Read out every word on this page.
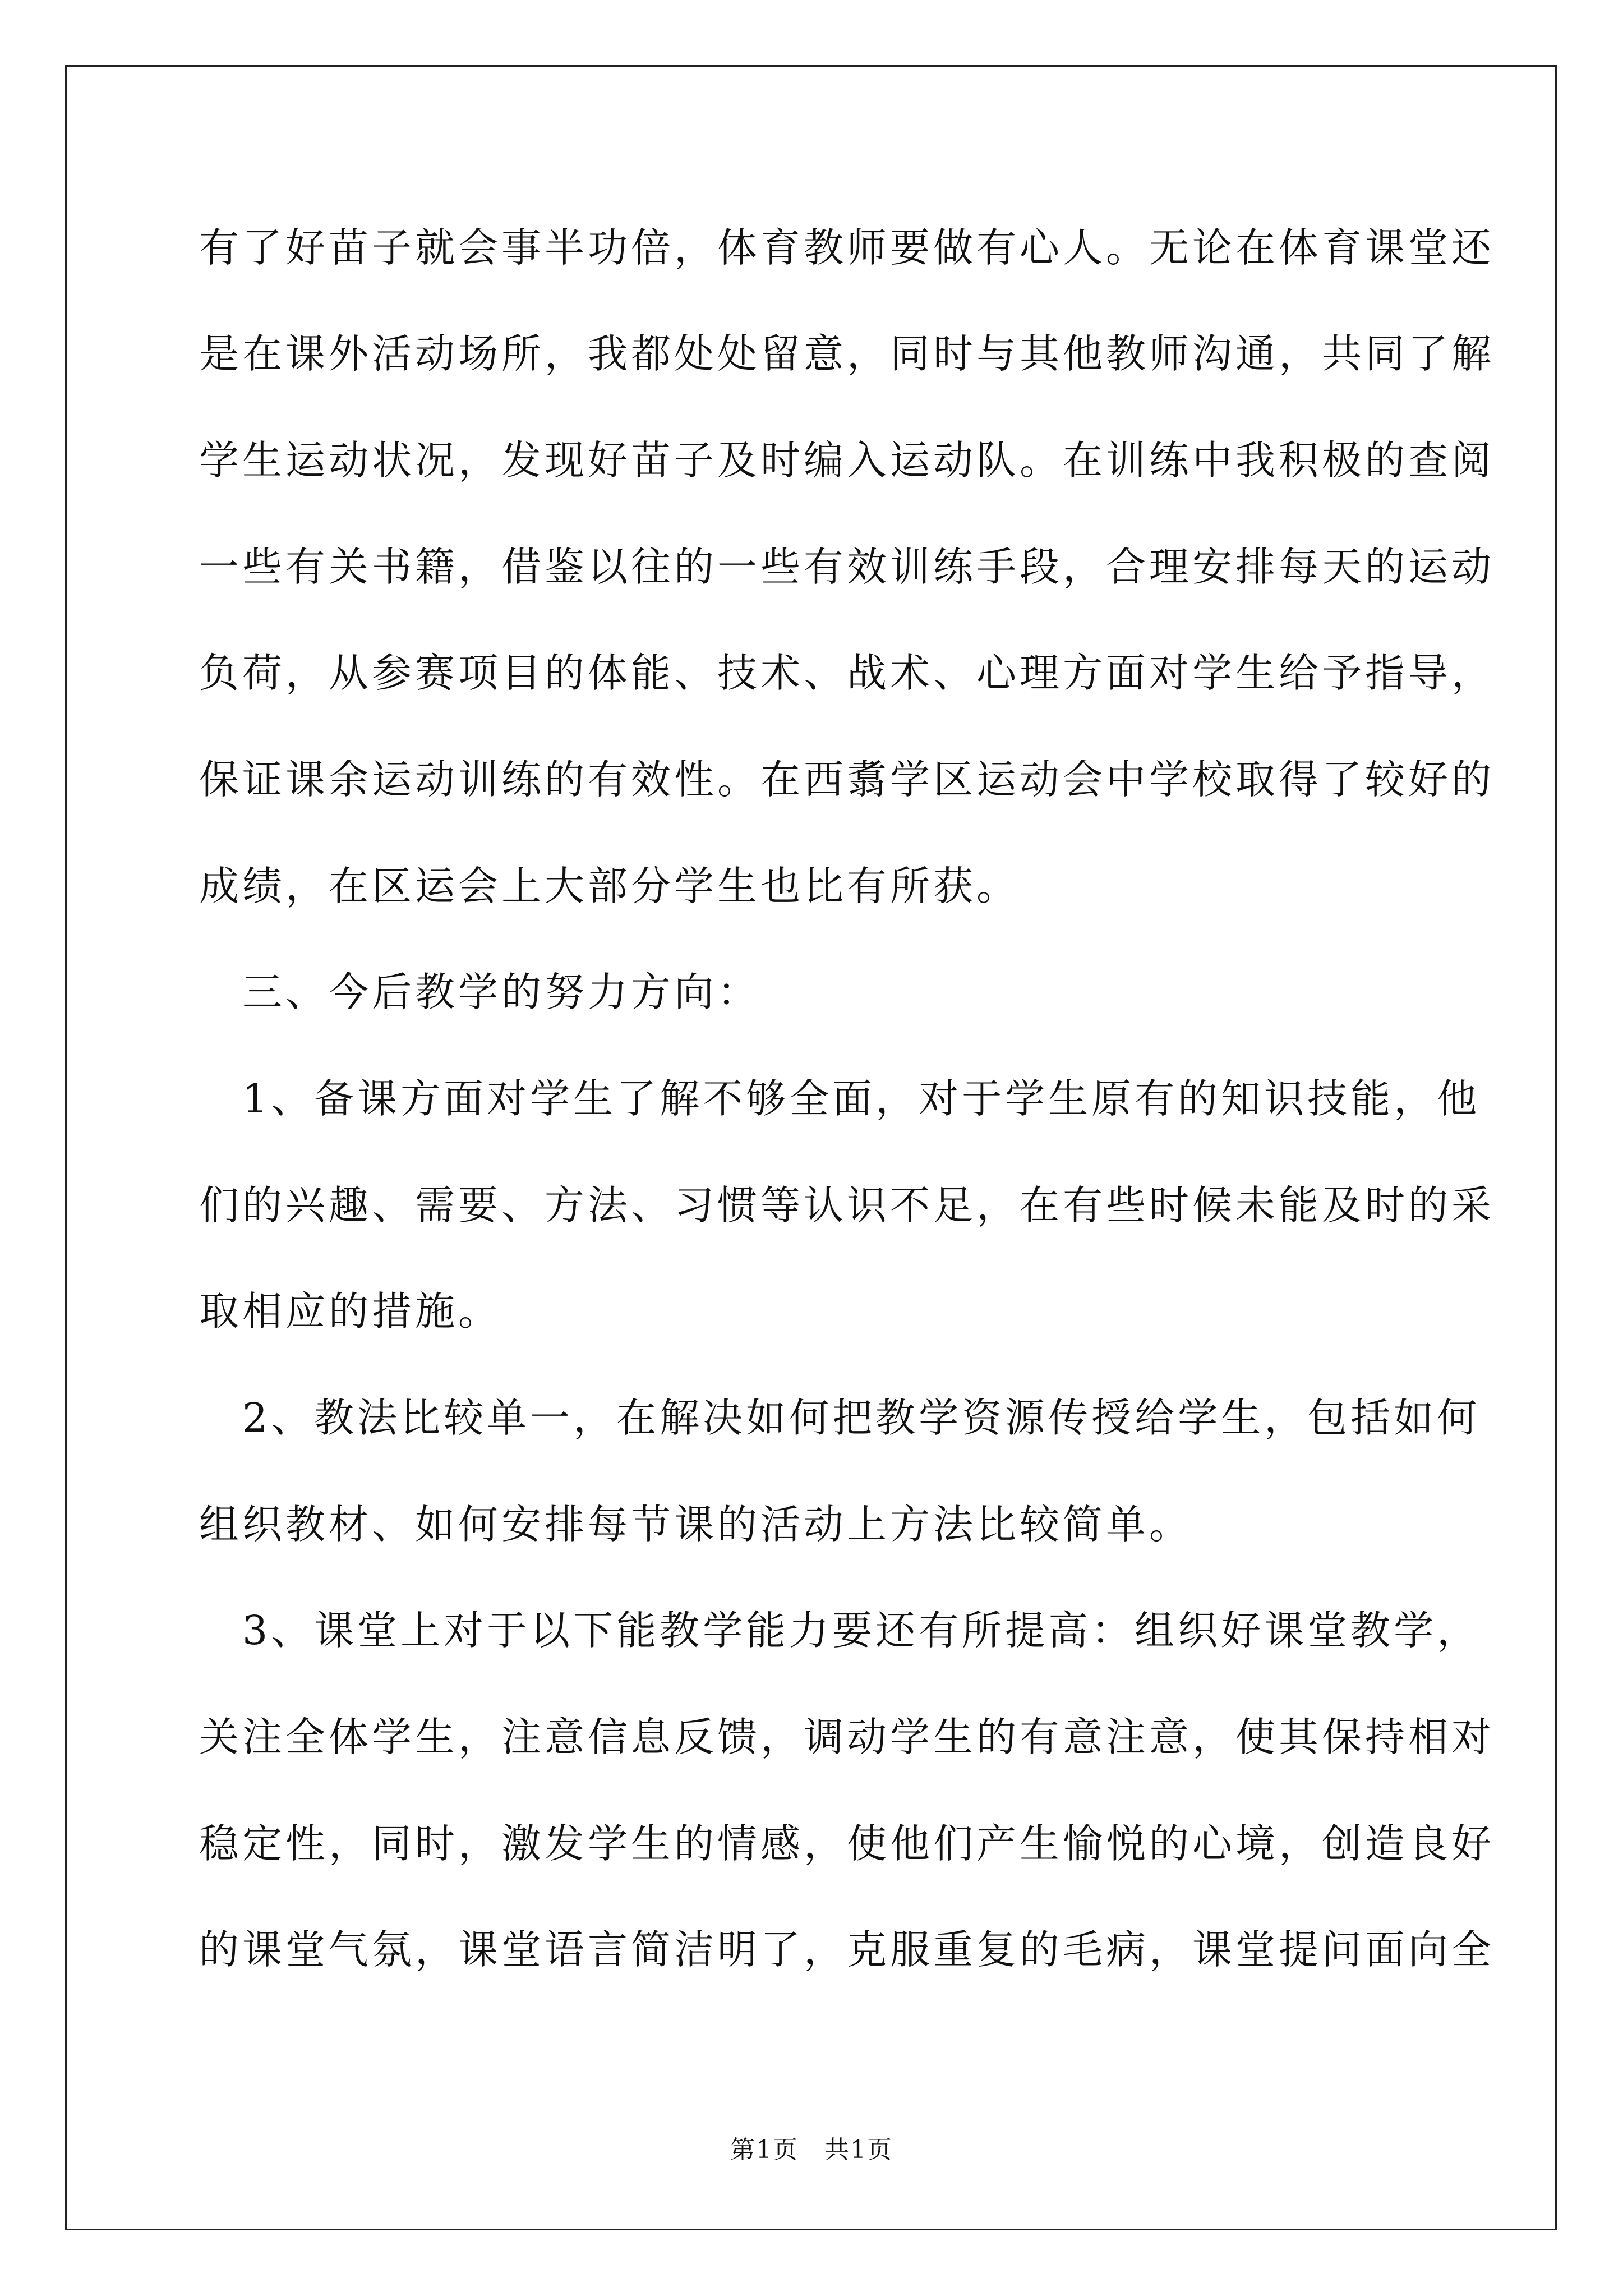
有了好苗子就会事半功倍，体育教师要做有心人。无论在体育课堂还
是在课外活动场所，我都处处留意，同时与其他教师沟通，共同了解
学生运动状况，发现好苗子及时编入运动队。在训练中我积极的查阅
一些有关书籍，借鉴以往的一些有效训练手段，合理安排每天的运动
负荷，从参赛项目的体能、技术、战术、心理方面对学生给予指导，
保证课余运动训练的有效性。在西翥学区运动会中学校取得了较好的
成绩，在区运会上大部分学生也比有所获。
　三、今后教学的努力方向：
　1、备课方面对学生了解不够全面，对于学生原有的知识技能，他
们的兴趣、需要、方法、习惯等认识不足，在有些时候未能及时的采
取相应的措施。
　2、教法比较单一，在解决如何把教学资源传授给学生，包括如何
组织教材、如何安排每节课的活动上方法比较简单。
　3、课堂上对于以下能教学能力要还有所提高：组织好课堂教学，
关注全体学生，注意信息反馈，调动学生的有意注意，使其保持相对
稳定性，同时，激发学生的情感，使他们产生愉悦的心境，创造良好
的课堂气氛，课堂语言简洁明了，克服重复的毛病，课堂提问面向全
第1页　共1页
